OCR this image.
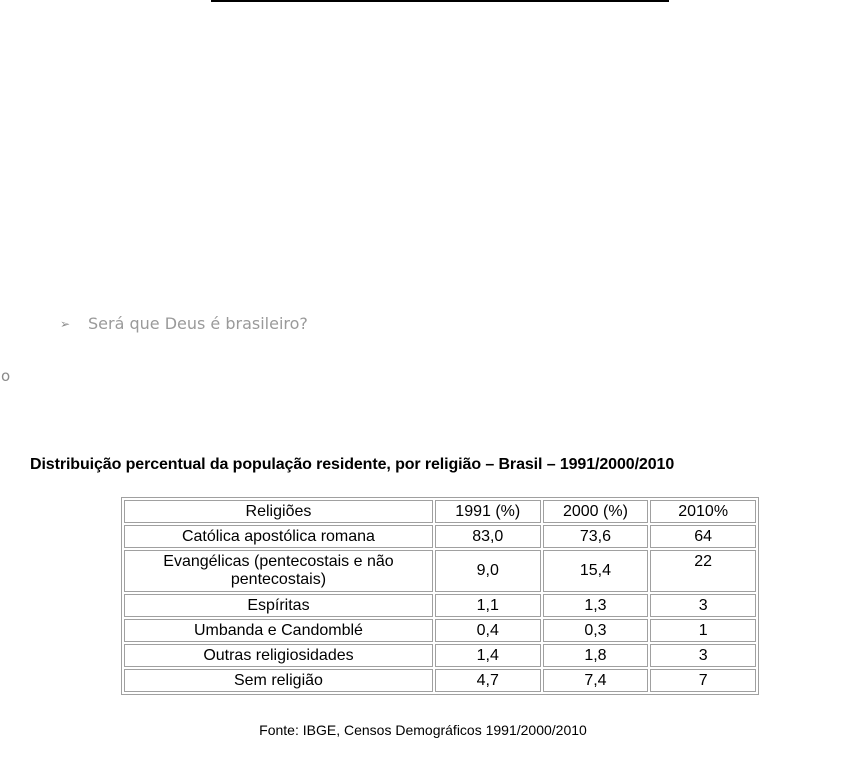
➢ Será que Deus é brasileiro?
o
Distribuição percentual da população residente, por religião – Brasil – 1991/2000/2010
Religiões	1991 (%)	2000 (%)	2010%
Católica apostólica romana	83,0	73,6	64
Evangélicas (pentecostais e não pentecostais)	9,0	15,4	22
Espíritas	1,1	1,3	3
Umbanda e Candomblé	0,4	0,3	1
Outras religiosidades	1,4	1,8	3
Sem religião	4,7	7,4	7
Fonte: IBGE, Censos Demográficos 1991/2000/2010
